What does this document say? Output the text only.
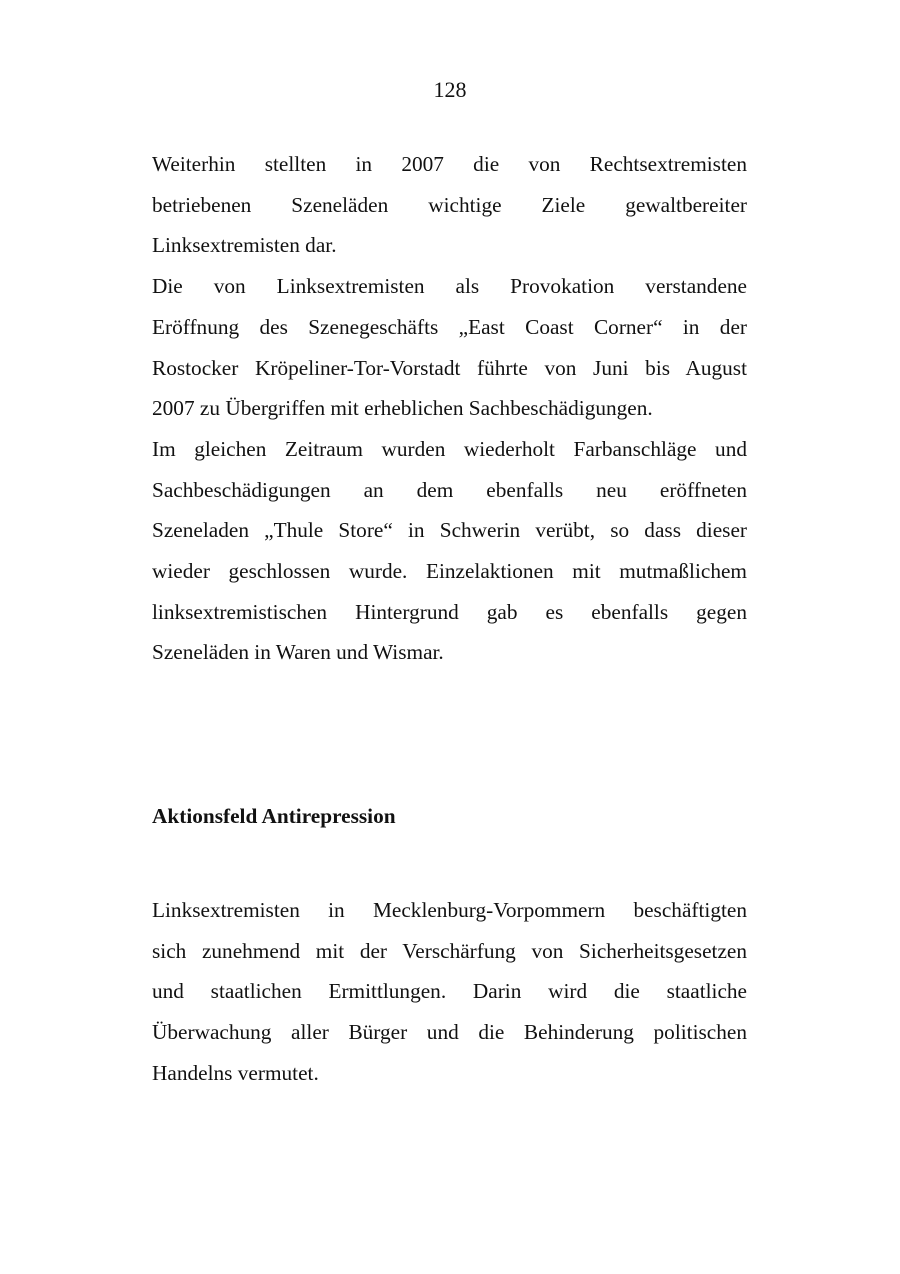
128

Weiterhin stellten in 2007 die von Rechtsextremisten
betriebenen Szeneläden wichtige Ziele gewaltbereiter
Linksextremisten dar.

Die von Linksextremisten als Provokation verstandene
Eröffnung des Szenegeschäfts „East Coast Corner“ in der
Rostocker Kröpeliner-Tor-Vorstadt führte von Juni bis August
2007 zu Übergriffen mit erheblichen Sachbeschädigungen.

Im gleichen Zeitraum wurden wiederholt Farbanschläge und
Sachbeschädigungen an dem ebenfalls neu eröffneten
Szeneladen „Thule Store“ in Schwerin verübt, so dass dieser
wieder geschlossen wurde. Einzelaktionen mit mutmaßlichem
linksextremistischen Hintergrund gab es ebenfalls gegen
Szeneläden in Waren und Wismar.

Aktionsfeld Antirepression

Linksextremisten in Mecklenburg-Vorpommern beschäftigten
sich zunehmend mit der Verschärfung von Sicherheitsgesetzen
und staatlichen Ermittlungen. Darin wird die staatliche
Überwachung aller Bürger und die Behinderung politischen
Handelns vermutet.
